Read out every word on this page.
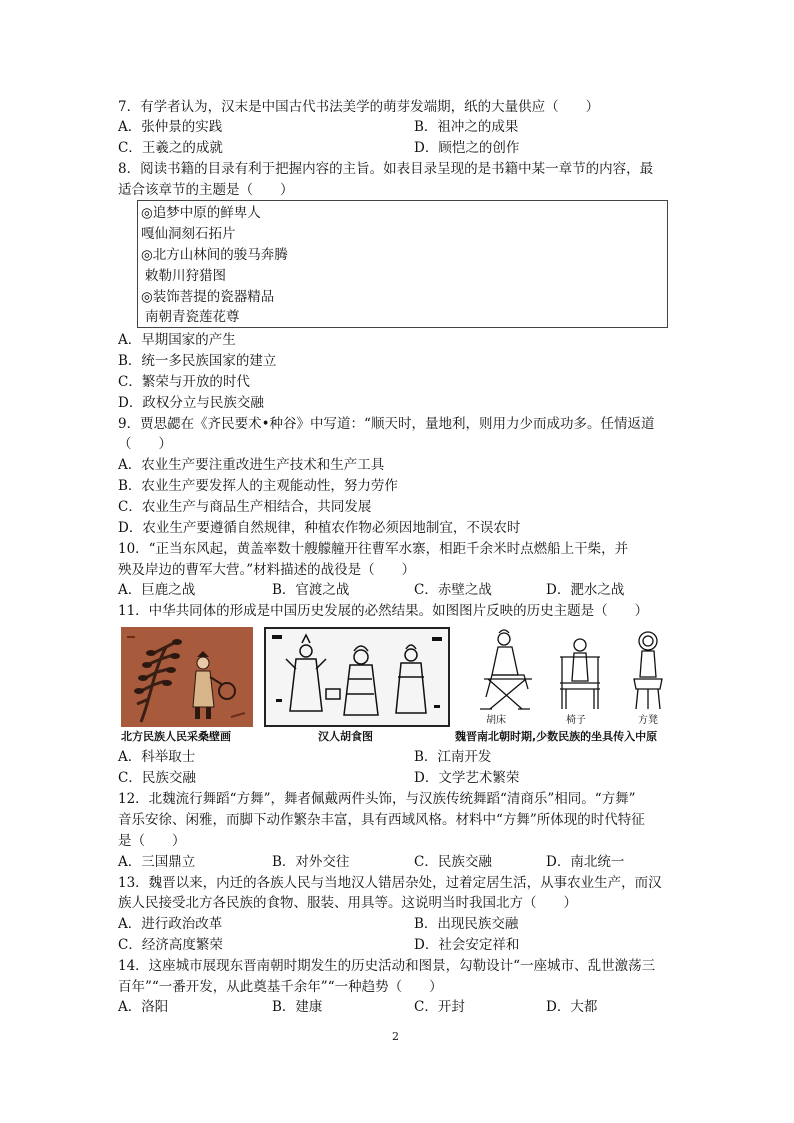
7．有学者认为，汉末是中国古代书法美学的萌芽发端期，纸的大量供应（　　）
A．张仲景的实践	B．祖冲之的成果
C．王羲之的成就	D．顾恺之的创作
8．阅读书籍的目录有利于把握内容的主旨。如表目录呈现的是书籍中某一章节的内容，最
适合该章节的主题是（　　）
◎追梦中原的鲜卑人
嘎仙洞刻石拓片
◎北方山林间的骏马奔腾
敕勒川狩猎图
◎装饰菩提的瓷器精品
南朝青瓷莲花尊
A．早期国家的产生
B．统一多民族国家的建立
C．繁荣与开放的时代
D．政权分立与民族交融
9．贾思勰在《齐民要术•种谷》中写道：“顺天时，量地利，则用力少而成功多。任情返道
（　　）
A．农业生产要注重改进生产技术和生产工具
B．农业生产要发挥人的主观能动性，努力劳作
C．农业生产与商品生产相结合，共同发展
D．农业生产要遵循自然规律，种植农作物必须因地制宜，不误农时
10．“正当东风起，黄盖率数十艘艨艟开往曹军水寨，相距千余米时点燃船上干柴，并
殃及岸边的曹军大营。”材料描述的战役是（　　）
A．巨鹿之战	B．官渡之战	C．赤壁之战	D．淝水之战
11．中华共同体的形成是中国历史发展的必然结果。如图图片反映的历史主题是（　　）
胡床	椅子	方凳
北方民族人民采桑壁画	汉人胡食图	魏晋南北朝时期,少数民族的坐具传入中原
A．科举取士	B．江南开发
C．民族交融	D．文学艺术繁荣
12．北魏流行舞蹈“方舞”，舞者佩戴两件头饰，与汉族传统舞蹈“清商乐”相同。“方舞”
音乐安徐、闲雅，而脚下动作繁杂丰富，具有西域风格。材料中“方舞”所体现的时代特征
是（　　）
A．三国鼎立	B．对外交往	C．民族交融	D．南北统一
13．魏晋以来，内迁的各族人民与当地汉人错居杂处，过着定居生活，从事农业生产，而汉
族人民接受北方各民族的食物、服装、用具等。这说明当时我国北方（　　）
A．进行政治改革	B．出现民族交融
C．经济高度繁荣	D．社会安定祥和
14．这座城市展现东晋南朝时期发生的历史活动和图景，勾勒设计“一座城市、乱世激荡三
百年”“一番开发，从此奠基千余年”“一种趋势（　　）
A．洛阳	B．建康	C．开封	D．大都
2
